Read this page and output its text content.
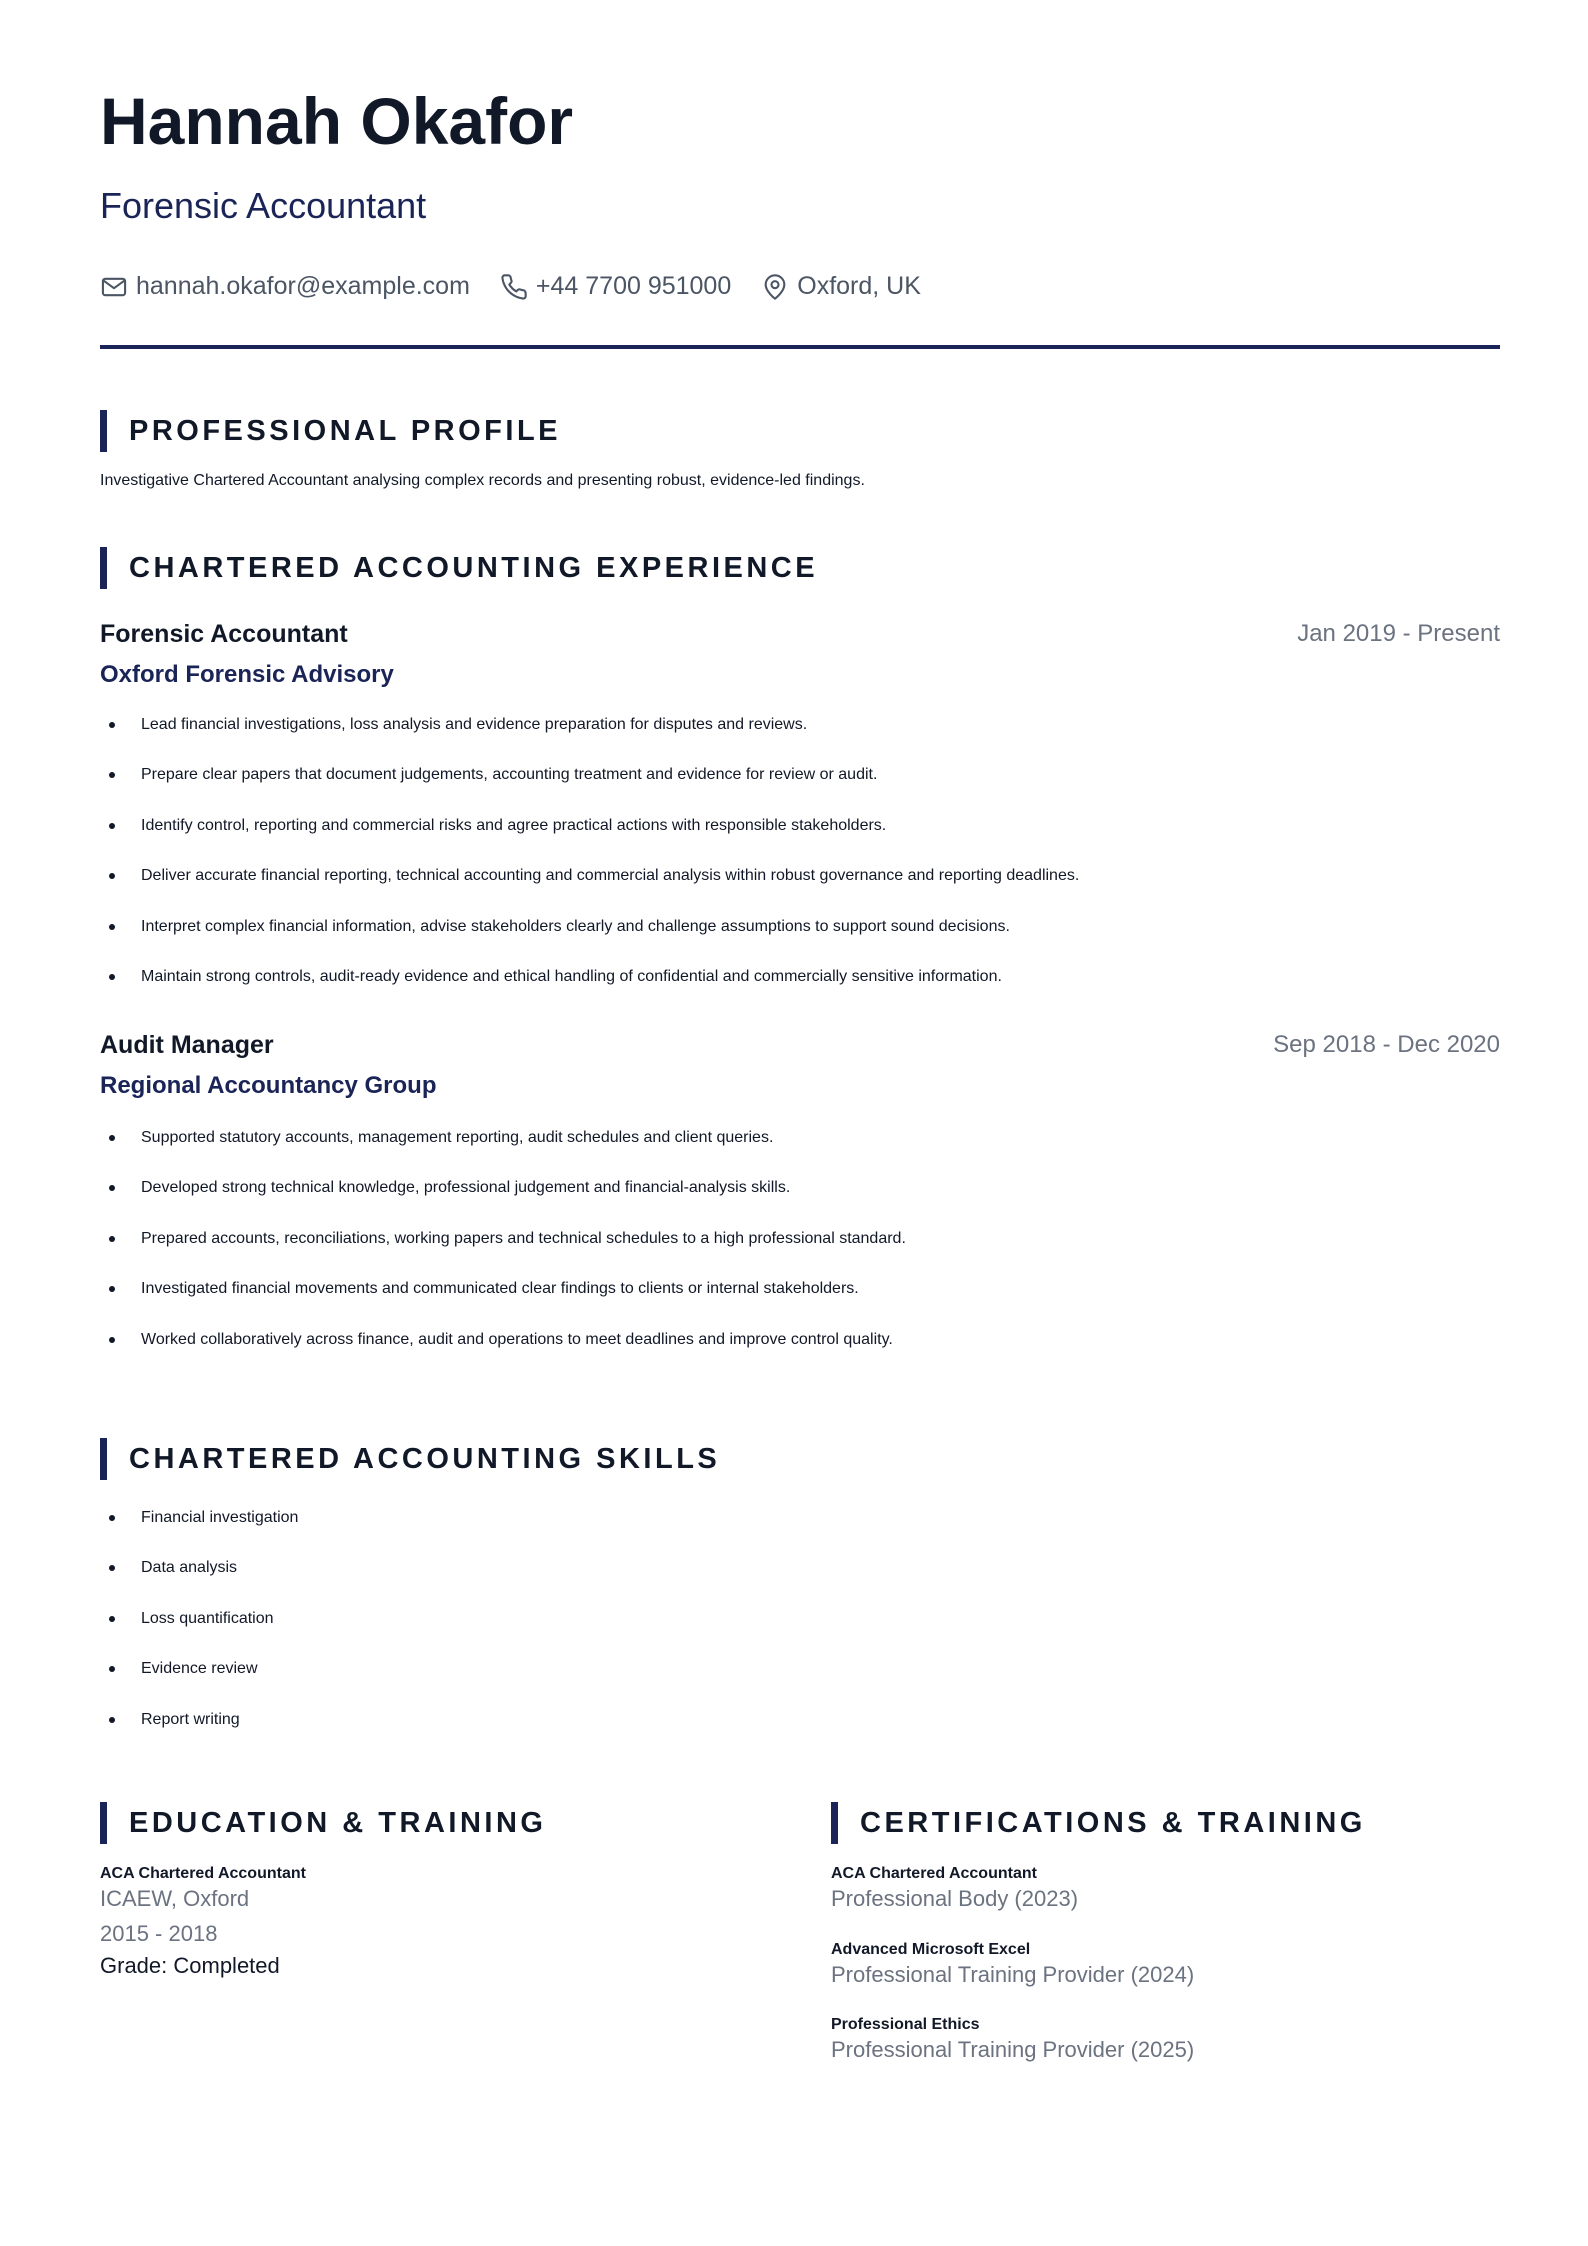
Hannah Okafor
Forensic Accountant
hannah.okafor@example.com	+44 7700 951000	Oxford, UK
PROFESSIONAL PROFILE
Investigative Chartered Accountant analysing complex records and presenting robust, evidence-led findings.
CHARTERED ACCOUNTING EXPERIENCE
Forensic Accountant	Jan 2019 - Present
Oxford Forensic Advisory
Lead financial investigations, loss analysis and evidence preparation for disputes and reviews.
Prepare clear papers that document judgements, accounting treatment and evidence for review or audit.
Identify control, reporting and commercial risks and agree practical actions with responsible stakeholders.
Deliver accurate financial reporting, technical accounting and commercial analysis within robust governance and reporting deadlines.
Interpret complex financial information, advise stakeholders clearly and challenge assumptions to support sound decisions.
Maintain strong controls, audit-ready evidence and ethical handling of confidential and commercially sensitive information.
Audit Manager	Sep 2018 - Dec 2020
Regional Accountancy Group
Supported statutory accounts, management reporting, audit schedules and client queries.
Developed strong technical knowledge, professional judgement and financial-analysis skills.
Prepared accounts, reconciliations, working papers and technical schedules to a high professional standard.
Investigated financial movements and communicated clear findings to clients or internal stakeholders.
Worked collaboratively across finance, audit and operations to meet deadlines and improve control quality.
CHARTERED ACCOUNTING SKILLS
Financial investigation
Data analysis
Loss quantification
Evidence review
Report writing
EDUCATION & TRAINING
ACA Chartered Accountant
ICAEW, Oxford
2015 - 2018
Grade: Completed
CERTIFICATIONS & TRAINING
ACA Chartered Accountant
Professional Body (2023)
Advanced Microsoft Excel
Professional Training Provider (2024)
Professional Ethics
Professional Training Provider (2025)
